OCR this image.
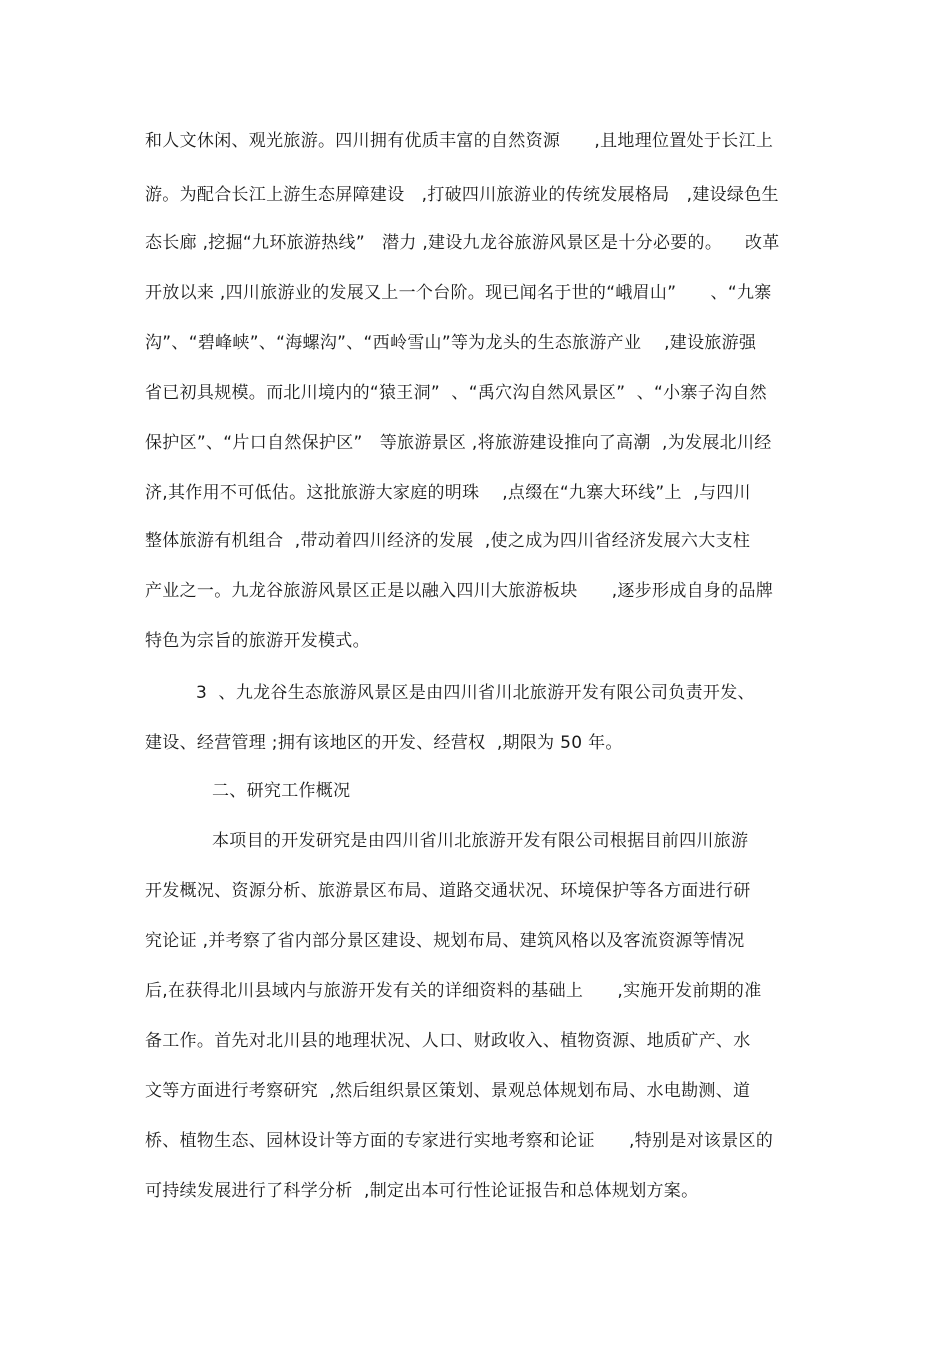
和人文休闲、观光旅游。四川拥有优质丰富的自然资源      ,且地理位置处于长江上
游。为配合长江上游生态屏障建设   ,打破四川旅游业的传统发展格局   ,建设绿色生
态长廊 ,挖掘“九环旅游热线”   潜力 ,建设九龙谷旅游风景区是十分必要的。    改革
开放以来 ,四川旅游业的发展又上一个台阶。现已闻名于世的“峨眉山”      、“九寨
沟”、“碧峰峡”、“海螺沟”、“西岭雪山”等为龙头的生态旅游产业    ,建设旅游强
省已初具规模。而北川境内的“猿王洞”  、“禹穴沟自然风景区”  、“小寨子沟自然
保护区”、“片口自然保护区”   等旅游景区 ,将旅游建设推向了高潮  ,为发展北川经
济,其作用不可低估。这批旅游大家庭的明珠    ,点缀在“九寨大环线”上  ,与四川
整体旅游有机组合  ,带动着四川经济的发展  ,使之成为四川省经济发展六大支柱
产业之一。九龙谷旅游风景区正是以融入四川大旅游板块      ,逐步形成自身的品牌
特色为宗旨的旅游开发模式。
3  、九龙谷生态旅游风景区是由四川省川北旅游开发有限公司负责开发、
建设、经营管理 ;拥有该地区的开发、经营权  ,期限为 50 年。
二、研究工作概况
本项目的开发研究是由四川省川北旅游开发有限公司根据目前四川旅游
开发概况、资源分析、旅游景区布局、道路交通状况、环境保护等各方面进行研
究论证 ,并考察了省内部分景区建设、规划布局、建筑风格以及客流资源等情况
后,在获得北川县域内与旅游开发有关的详细资料的基础上      ,实施开发前期的准
备工作。首先对北川县的地理状况、人口、财政收入、植物资源、地质矿产、水
文等方面进行考察研究  ,然后组织景区策划、景观总体规划布局、水电勘测、道
桥、植物生态、园林设计等方面的专家进行实地考察和论证      ,特别是对该景区的
可持续发展进行了科学分析  ,制定出本可行性论证报告和总体规划方案。
